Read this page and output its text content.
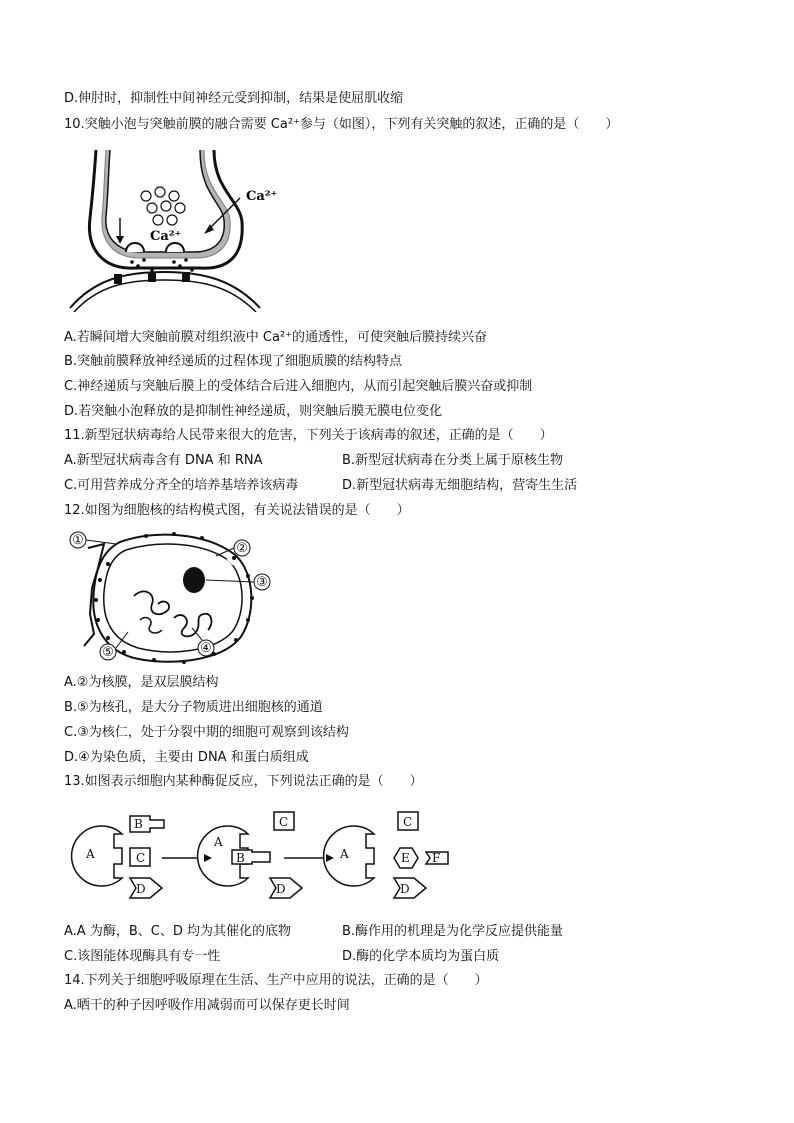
D.伸肘时，抑制性中间神经元受到抑制，结果是使屈肌收缩
10.突触小泡与突触前膜的融合需要 Ca²⁺参与（如图），下列有关突触的叙述，正确的是（　　）
Ca²⁺
Ca²⁺
A.若瞬间增大突触前膜对组织液中 Ca²⁺的通透性，可使突触后膜持续兴奋
B.突触前膜释放神经递质的过程体现了细胞质膜的结构特点
C.神经递质与突触后膜上的受体结合后进入细胞内，从而引起突触后膜兴奋或抑制
D.若突触小泡释放的是抑制性神经递质，则突触后膜无膜电位变化
11.新型冠状病毒给人民带来很大的危害，下列关于该病毒的叙述，正确的是（　　）
A.新型冠状病毒含有 DNA 和 RNA	B.新型冠状病毒在分类上属于原核生物
C.可用营养成分齐全的培养基培养该病毒	D.新型冠状病毒无细胞结构，营寄生生活
12.如图为细胞核的结构模式图，有关说法错误的是（　　）
①
②
③
④
⑤
A.②为核膜，是双层膜结构
B.⑤为核孔，是大分子物质进出细胞核的通道
C.③为核仁，处于分裂中期的细胞可观察到该结构
D.④为染色质，主要由 DNA 和蛋白质组成
13.如图表示细胞内某种酶促反应，下列说法正确的是（　　）
A
B
C
D
A
B
C
D
A
C
E F
D
A.A 为酶，B、C、D 均为其催化的底物	B.酶作用的机理是为化学反应提供能量
C.该图能体现酶具有专一性	D.酶的化学本质均为蛋白质
14.下列关于细胞呼吸原理在生活、生产中应用的说法，正确的是（　　）
A.晒干的种子因呼吸作用减弱而可以保存更长时间
